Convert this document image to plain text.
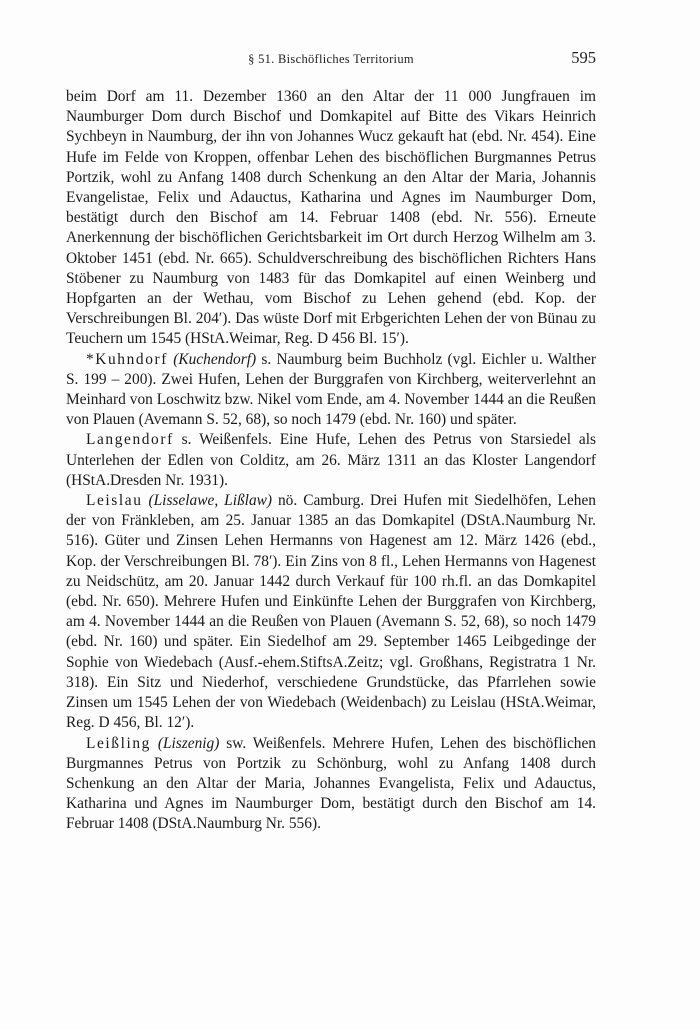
§ 51. Bischöfliches Territorium	595

beim Dorf am 11. Dezember 1360 an den Altar der 11 000 Jungfrauen im Naumburger Dom durch Bischof und Domkapitel auf Bitte des Vikars Heinrich Sychbeyn in Naumburg, der ihn von Johannes Wucz gekauft hat (ebd. Nr. 454). Eine Hufe im Felde von Kroppen, offenbar Lehen des bischöflichen Burgmannes Petrus Portzik, wohl zu Anfang 1408 durch Schenkung an den Altar der Maria, Johannis Evangelistae, Felix und Adauctus, Katharina und Agnes im Naumburger Dom, bestätigt durch den Bischof am 14. Februar 1408 (ebd. Nr. 556). Erneute Anerkennung der bischöflichen Gerichtsbarkeit im Ort durch Herzog Wilhelm am 3. Oktober 1451 (ebd. Nr. 665). Schuldverschreibung des bischöflichen Richters Hans Stöbener zu Naumburg von 1483 für das Domkapitel auf einen Weinberg und Hopfgarten an der Wethau, vom Bischof zu Lehen gehend (ebd. Kop. der Verschreibungen Bl. 204′). Das wüste Dorf mit Erbgerichten Lehen der von Bünau zu Teuchern um 1545 (HStA.Weimar, Reg. D 456 Bl. 15′).

*Kuhndorf (Kuchendorf) s. Naumburg beim Buchholz (vgl. Eichler u. Walther S. 199 – 200). Zwei Hufen, Lehen der Burggrafen von Kirchberg, weiterverlehnt an Meinhard von Loschwitz bzw. Nikel vom Ende, am 4. November 1444 an die Reußen von Plauen (Avemann S. 52, 68), so noch 1479 (ebd. Nr. 160) und später.

Langendorf s. Weißenfels. Eine Hufe, Lehen des Petrus von Starsiedel als Unterlehen der Edlen von Colditz, am 26. März 1311 an das Kloster Langendorf (HStA.Dresden Nr. 1931).

Leislau (Lisselawe, Lißlaw) nö. Camburg. Drei Hufen mit Siedelhöfen, Lehen der von Fränkleben, am 25. Januar 1385 an das Domkapitel (DStA.Naumburg Nr. 516). Güter und Zinsen Lehen Hermanns von Hagenest am 12. März 1426 (ebd., Kop. der Verschreibungen Bl. 78′). Ein Zins von 8 fl., Lehen Hermanns von Hagenest zu Neidschütz, am 20. Januar 1442 durch Verkauf für 100 rh.fl. an das Domkapitel (ebd. Nr. 650). Mehrere Hufen und Einkünfte Lehen der Burggrafen von Kirchberg, am 4. November 1444 an die Reußen von Plauen (Avemann S. 52, 68), so noch 1479 (ebd. Nr. 160) und später. Ein Siedelhof am 29. September 1465 Leibgedinge der Sophie von Wiedebach (Ausf.-ehem.StiftsA.Zeitz; vgl. Großhans, Registratra 1 Nr. 318). Ein Sitz und Niederhof, verschiedene Grundstücke, das Pfarrlehen sowie Zinsen um 1545 Lehen der von Wiedebach (Weidenbach) zu Leislau (HStA.Weimar, Reg. D 456, Bl. 12′).

Leißling (Liszenig) sw. Weißenfels. Mehrere Hufen, Lehen des bischöflichen Burgmannes Petrus von Portzik zu Schönburg, wohl zu Anfang 1408 durch Schenkung an den Altar der Maria, Johannes Evangelista, Felix und Adauctus, Katharina und Agnes im Naumburger Dom, bestätigt durch den Bischof am 14. Februar 1408 (DStA.Naumburg Nr. 556).
